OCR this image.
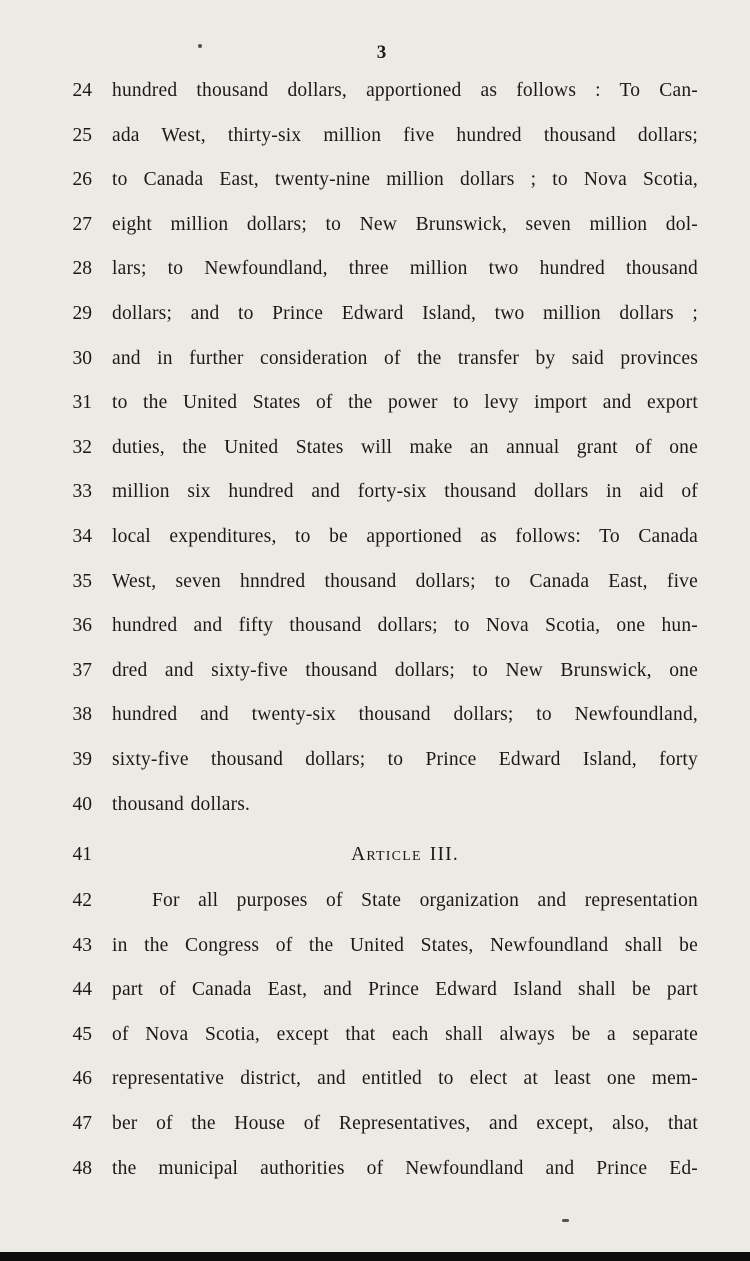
3
24 hundred thousand dollars, apportioned as follows : To Can-
25 ada West, thirty-six million five hundred thousand dollars;
26 to Canada East, twenty-nine million dollars ; to Nova Scotia,
27 eight million dollars; to New Brunswick, seven million dol-
28 lars; to Newfoundland, three million two hundred thousand
29 dollars; and to Prince Edward Island, two million dollars ;
30 and in further consideration of the transfer by said provinces
31 to the United States of the power to levy import and export
32 duties, the United States will make an annual grant of one
33 million six hundred and forty-six thousand dollars in aid of
34 local expenditures, to be apportioned as follows: To Canada
35 West, seven hnndred thousand dollars; to Canada East, five
36 hundred and fifty thousand dollars; to Nova Scotia, one hun-
37 dred and sixty-five thousand dollars; to New Brunswick, one
38 hundred and twenty-six thousand dollars; to Newfoundland,
39 sixty-five thousand dollars; to Prince Edward Island, forty
40 thousand dollars.
41	Article III.
42	For all purposes of State organization and representation
43 in the Congress of the United States, Newfoundland shall be
44 part of Canada East, and Prince Edward Island shall be part
45 of Nova Scotia, except that each shall always be a separate
46 representative district, and entitled to elect at least one mem-
47 ber of the House of Representatives, and except, also, that
48 the municipal authorities of Newfoundland and Prince Ed-
